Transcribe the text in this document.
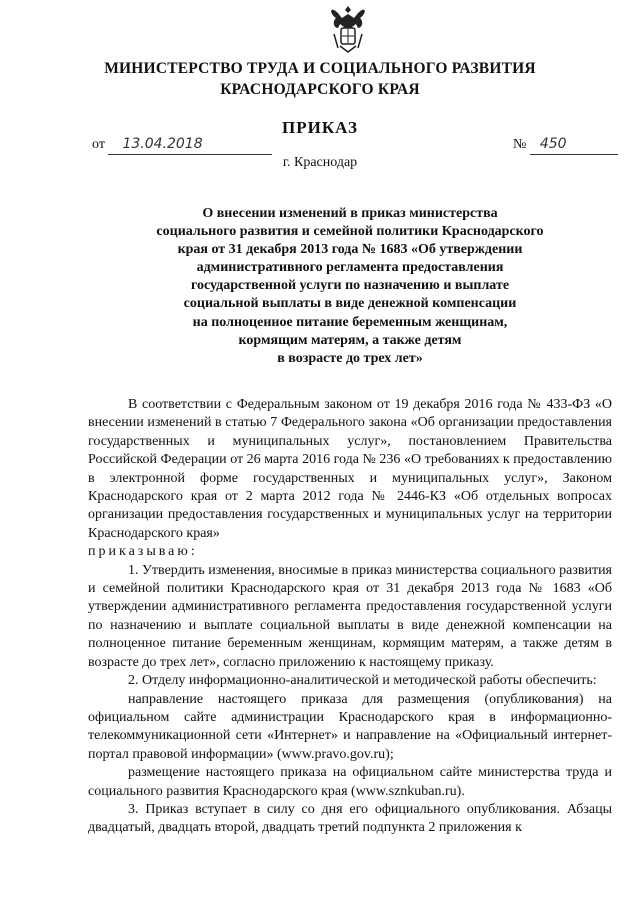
МИНИСТЕРСТВО ТРУДА И СОЦИАЛЬНОГО РАЗВИТИЯ
КРАСНОДАРСКОГО КРАЯ
ПРИКАЗ
от 13.04.2018	№ 450
г. Краснодар
О внесении изменений в приказ министерства
социального развития и семейной политики Краснодарского
края от 31 декабря 2013 года № 1683 «Об утверждении
административного регламента предоставления
государственной услуги по назначению и выплате
социальной выплаты в виде денежной компенсации
на полноценное питание беременным женщинам,
кормящим матерям, а также детям
в возрасте до трех лет»

В соответствии с Федеральным законом от 19 декабря 2016 года № 433-ФЗ «О внесении изменений в статью 7 Федерального закона «Об организации предоставления государственных и муниципальных услуг», постановлением Правительства Российской Федерации от 26 марта 2016 года № 236 «О требованиях к предоставлению в электронной форме государственных и муниципальных услуг», Законом Краснодарского края от 2 марта 2012 года № 2446-КЗ «Об отдельных вопросах организации предоставления государственных и муниципальных услуг на территории Краснодарского края»

приказываю:

1. Утвердить изменения, вносимые в приказ министерства социального развития и семейной политики Краснодарского края от 31 декабря 2013 года № 1683 «Об утверждении административного регламента предоставления государственной услуги по назначению и выплате социальной выплаты в виде денежной компенсации на полноценное питание беременным женщинам, кормящим матерям, а также детям в возрасте до трех лет», согласно приложению к настоящему приказу.

2. Отделу информационно-аналитической и методической работы обеспечить:

направление настоящего приказа для размещения (опубликования) на официальном сайте администрации Краснодарского края в информационно-телекоммуникационной сети «Интернет» и направление на «Официальный интернет-портал правовой информации» (www.pravo.gov.ru);

размещение настоящего приказа на официальном сайте министерства труда и социального развития Краснодарского края (www.sznkuban.ru).

3. Приказ вступает в силу со дня его официального опубликования. Абзацы двадцатый, двадцать второй, двадцать третий подпункта 2 приложения к
